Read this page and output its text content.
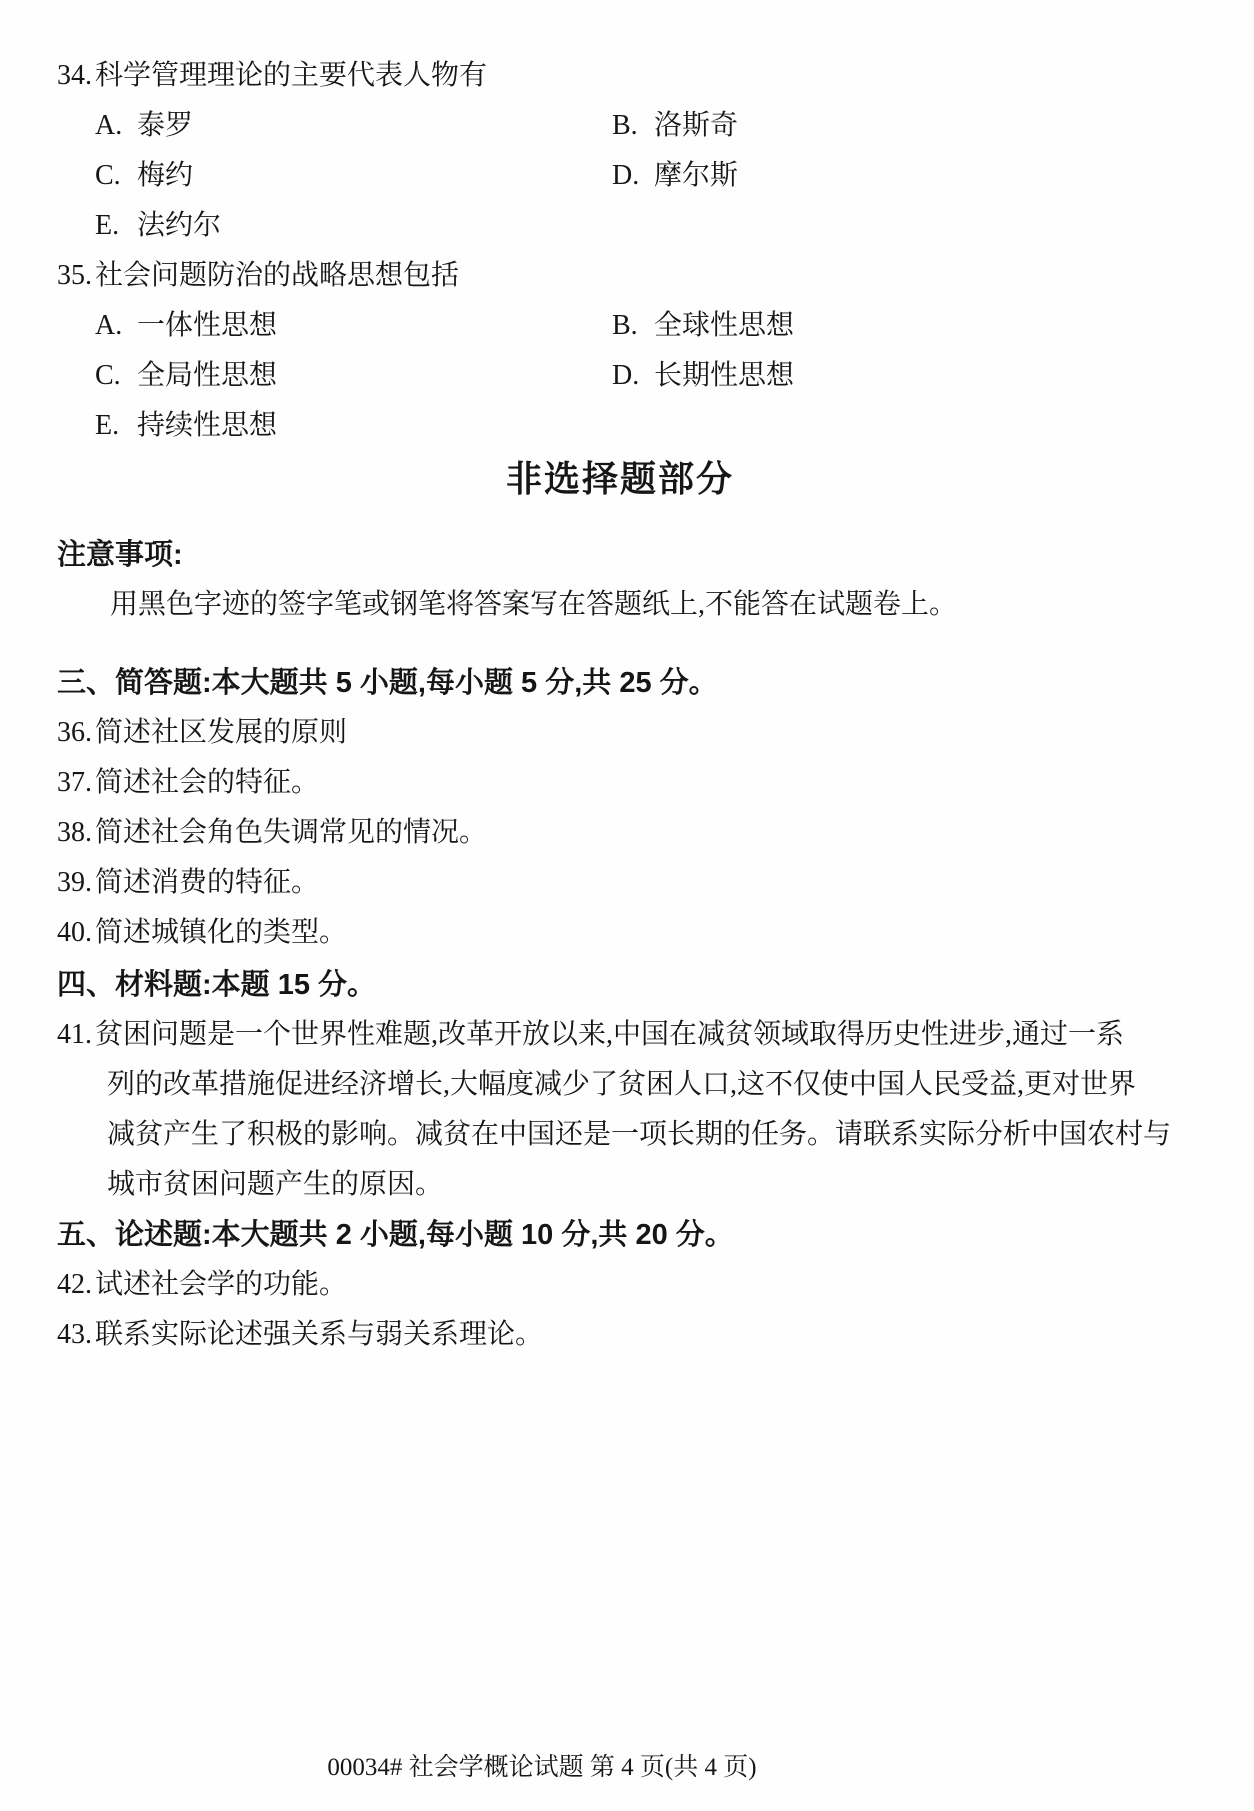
34. 科学管理理论的主要代表人物有
A. 泰罗	B. 洛斯奇
C. 梅约	D. 摩尔斯
E. 法约尔
35. 社会问题防治的战略思想包括
A. 一体性思想	B. 全球性思想
C. 全局性思想	D. 长期性思想
E. 持续性思想
非选择题部分
注意事项:
用黑色字迹的签字笔或钢笔将答案写在答题纸上,不能答在试题卷上。
三、简答题:本大题共 5 小题,每小题 5 分,共 25 分。
36. 简述社区发展的原则
37. 简述社会的特征。
38. 简述社会角色失调常见的情况。
39. 简述消费的特征。
40. 简述城镇化的类型。
四、材料题:本题 15 分。
41. 贫困问题是一个世界性难题,改革开放以来,中国在减贫领域取得历史性进步,通过一系
列的改革措施促进经济增长,大幅度减少了贫困人口,这不仅使中国人民受益,更对世界
减贫产生了积极的影响。减贫在中国还是一项长期的任务。请联系实际分析中国农村与
城市贫困问题产生的原因。
五、论述题:本大题共 2 小题,每小题 10 分,共 20 分。
42. 试述社会学的功能。
43. 联系实际论述强关系与弱关系理论。
00034# 社会学概论试题 第 4 页(共 4 页)
